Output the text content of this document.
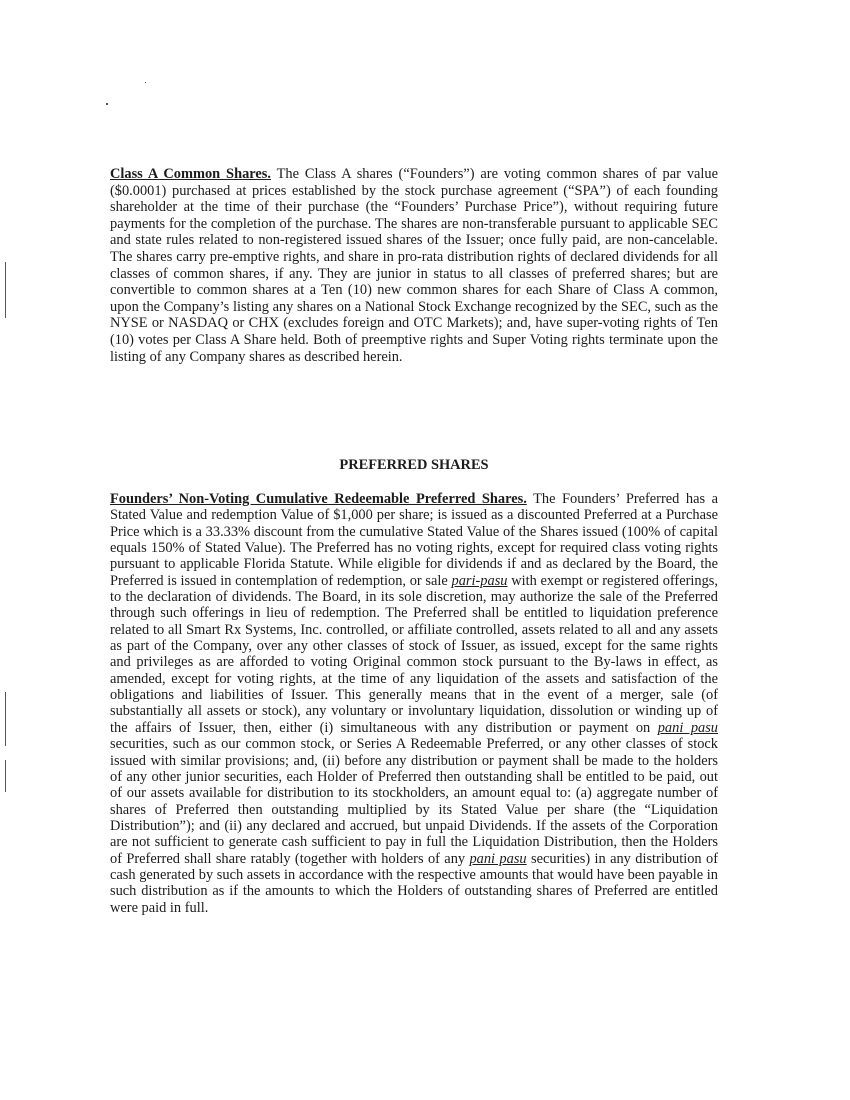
Class A Common Shares. The Class A shares (“Founders”) are voting common shares of par value ($0.0001) purchased at prices established by the stock purchase agreement (“SPA”) of each founding shareholder at the time of their purchase (the “Founders’ Purchase Price”), without requiring future payments for the completion of the purchase. The shares are non-transferable pursuant to applicable SEC and state rules related to non-registered issued shares of the Issuer; once fully paid, are non-cancelable. The shares carry pre-emptive rights, and share in pro-rata distribution rights of declared dividends for all classes of common shares, if any. They are junior in status to all classes of preferred shares; but are convertible to common shares at a Ten (10) new common shares for each Share of Class A common, upon the Company’s listing any shares on a National Stock Exchange recognized by the SEC, such as the NYSE or NASDAQ or CHX (excludes foreign and OTC Markets); and, have super-voting rights of Ten (10) votes per Class A Share held. Both of preemptive rights and Super Voting rights terminate upon the listing of any Company shares as described herein.

PREFERRED SHARES

Founders’ Non-Voting Cumulative Redeemable Preferred Shares. The Founders’ Preferred has a Stated Value and redemption Value of $1,000 per share; is issued as a discounted Preferred at a Purchase Price which is a 33.33% discount from the cumulative Stated Value of the Shares issued (100% of capital equals 150% of Stated Value). The Preferred has no voting rights, except for required class voting rights pursuant to applicable Florida Statute. While eligible for dividends if and as declared by the Board, the Preferred is issued in contemplation of redemption, or sale pari-pasu with exempt or registered offerings, to the declaration of dividends. The Board, in its sole discretion, may authorize the sale of the Preferred through such offerings in lieu of redemption. The Preferred shall be entitled to liquidation preference related to all Smart Rx Systems, Inc. controlled, or affiliate controlled, assets related to all and any assets as part of the Company, over any other classes of stock of Issuer, as issued, except for the same rights and privileges as are afforded to voting Original common stock pursuant to the By-laws in effect, as amended, except for voting rights, at the time of any liquidation of the assets and satisfaction of the obligations and liabilities of Issuer. This generally means that in the event of a merger, sale (of substantially all assets or stock), any voluntary or involuntary liquidation, dissolution or winding up of the affairs of Issuer, then, either (i) simultaneous with any distribution or payment on pani pasu securities, such as our common stock, or Series A Redeemable Preferred, or any other classes of stock issued with similar provisions; and, (ii) before any distribution or payment shall be made to the holders of any other junior securities, each Holder of Preferred then outstanding shall be entitled to be paid, out of our assets available for distribution to its stockholders, an amount equal to: (a) aggregate number of shares of Preferred then outstanding multiplied by its Stated Value per share (the “Liquidation Distribution”); and (ii) any declared and accrued, but unpaid Dividends. If the assets of the Corporation are not sufficient to generate cash sufficient to pay in full the Liquidation Distribution, then the Holders of Preferred shall share ratably (together with holders of any pani pasu securities) in any distribution of cash generated by such assets in accordance with the respective amounts that would have been payable in such distribution as if the amounts to which the Holders of outstanding shares of Preferred are entitled were paid in full.
